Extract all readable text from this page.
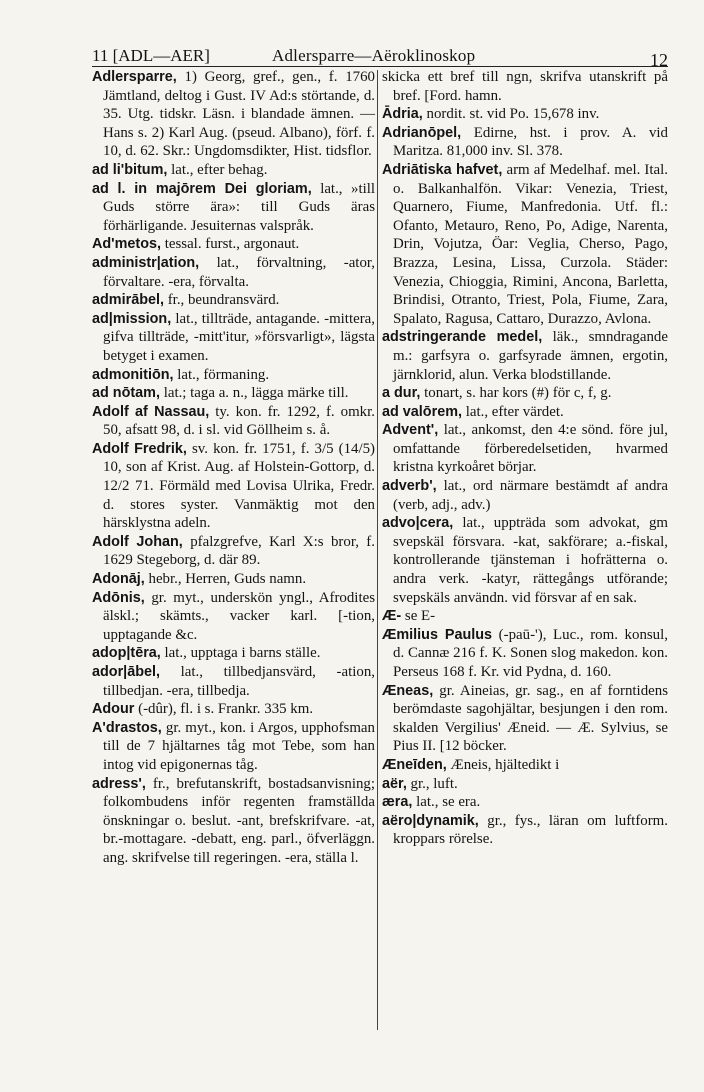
11 [ADL—AER]	Adlersparre—Aëroklinoskop	12

Adlersparre, 1) Georg, gref., gen., f. 1760 Jämtland, deltog i Gust. IV Ad:s störtande, d. 35. Utg. tidskr. Läsn. i blandade ämnen. — Hans s. 2) Karl Aug. (pseud. Albano), förf. f. 10, d. 62. Skr.: Ungdomsdikter, Hist. tidsflor.

ad li'bitum, lat., efter behag.

ad l. in majōrem Dei gloriam, lat., »till Guds större ära»: till Guds äras förhärligande. Jesuiternas valspråk.

Ad'metos, tessal. furst., argonaut.

administr|ation, lat., förvaltning, -ator, förvaltare. -era, förvalta.

admirābel, fr., beundransvärd.

ad|mission, lat., tillträde, antagande. -mittera, gifva tillträde, -mitt'itur, »försvarligt», lägsta betyget i examen.

admonitiōn, lat., förmaning.

ad nōtam, lat.; taga a. n., lägga märke till.

Adolf af Nassau, ty. kon. fr. 1292, f. omkr. 50, afsatt 98, d. i sl. vid Göllheim s. å.

Adolf Fredrik, sv. kon. fr. 1751, f. 3/5 (14/5) 10, son af Krist. Aug. af Holstein-Gottorp, d. 12/2 71. Förmäld med Lovisa Ulrika, Fredr. d. stores syster. Vanmäktig mot den härsklystna adeln.

Adolf Johan, pfalzgrefve, Karl X:s bror, f. 1629 Stegeborg, d. där 89.

Adonāj, hebr., Herren, Guds namn.

Adōnis, gr. myt., underskön yngl., Afrodites älskl.; skämts., vacker karl. [-tion, upptagande &c.

adop|tēra, lat., upptaga i barns ställe.

ador|ābel, lat., tillbedjansvärd, -ation, tillbedjan. -era, tillbedja.

Adour (-dûr), fl. i s. Frankr. 335 km.

A'drastos, gr. myt., kon. i Argos, upphofsman till de 7 hjältarnes tåg mot Tebe, som han intog vid epigonernas tåg.

adress', fr., brefutanskrift, bostadsanvisning; folkombudens inför regenten framställda önskningar o. beslut. -ant, brefskrifvare. -at, br.-mottagare. -debatt, eng. parl., öfverläggn. ang. skrifvelse till regeringen. -era, ställa l.

skicka ett bref till ngn, skrifva utanskrift på bref. [Ford. hamn.

Ādria, nordit. st. vid Po. 15,678 inv.

Adrianōpel, Edirne, hst. i prov. A. vid Maritza. 81,000 inv. Sl. 378.

Adriātiska hafvet, arm af Medelhaf. mel. Ital. o. Balkanhalfön. Vikar: Venezia, Triest, Quarnero, Fiume, Manfredonia. Utf. fl.: Ofanto, Metauro, Reno, Po, Adige, Narenta, Drin, Vojutza, Öar: Veglia, Cherso, Pago, Brazza, Lesina, Lissa, Curzola. Städer: Venezia, Chioggia, Rimini, Ancona, Barletta, Brindisi, Otranto, Triest, Pola, Fiume, Zara, Spalato, Ragusa, Cattaro, Durazzo, Avlona.

adstringerande medel, läk., smndragande m.: garfsyra o. garfsyrade ämnen, ergotin, järnklorid, alun. Verka blodstillande.

a dur, tonart, s. har kors (#) för c, f, g.

ad valōrem, lat., efter värdet.

Advent', lat., ankomst, den 4:e sönd. före jul, omfattande förberedelsetiden, hvarmed kristna kyrkoåret börjar.

adverb', lat., ord närmare bestämdt af andra (verb, adj., adv.)

advo|cera, lat., uppträda som advokat, gm svepskäl försvara. -kat, sakförare; a.-fiskal, kontrollerande tjänsteman i hofrätterna o. andra verk. -katyr, rättegångs utförande; svepskäls användn. vid försvar af en sak.

Æ- se E-

Æmilius Paulus (-paū-'), Luc., rom. konsul, d. Cannæ 216 f. K. Sonen slog makedon. kon. Perseus 168 f. Kr. vid Pydna, d. 160.

Æneas, gr. Aineias, gr. sag., en af forntidens berömdaste sagohjältar, besjungen i den rom. skalden Vergilius' Æneid. — Æ. Sylvius, se Pius II. [12 böcker.

Æneīden, Æneis, hjältedikt i

aër, gr., luft.

æra, lat., se era.

aëro|dynamik, gr., fys., läran om luftform. kroppars rörelse.
